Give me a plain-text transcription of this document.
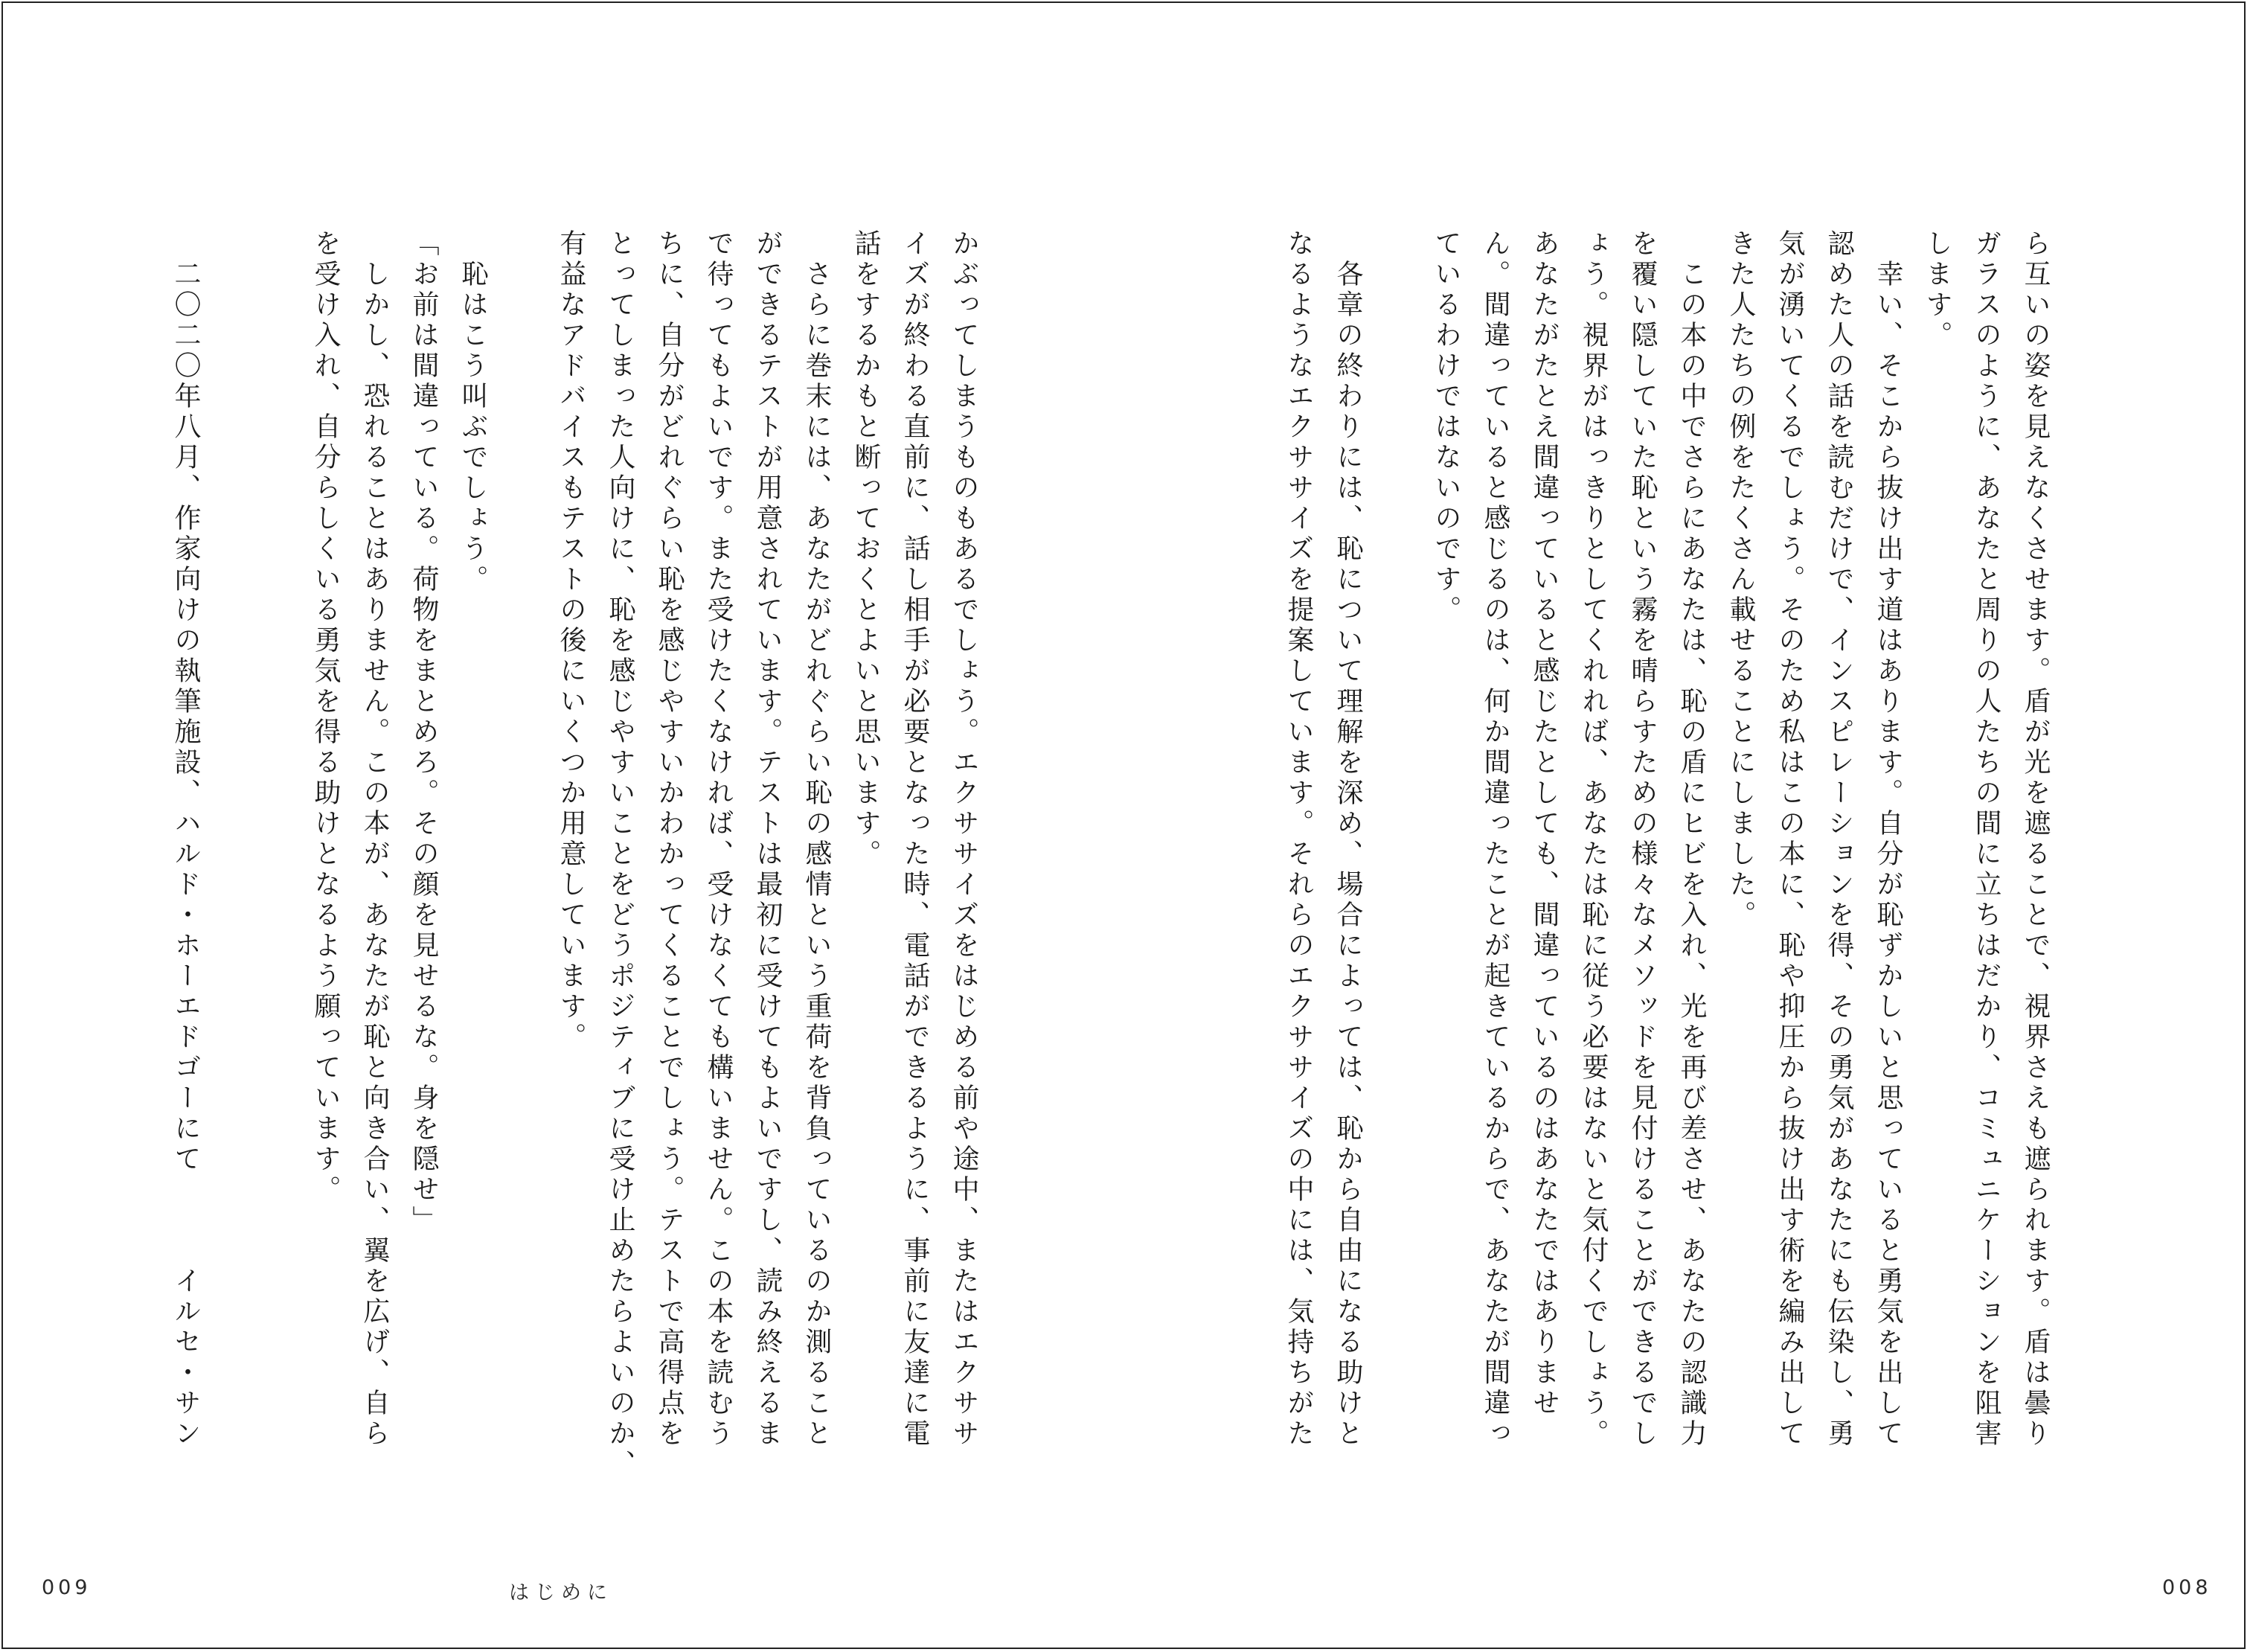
ら互いの姿を見えなくさせます。盾が光を遮ることで、視界さえも遮られます。盾は曇り

ガラスのように、あなたと周りの人たちの間に立ちはだかり、コミュニケーションを阻害

します。

　幸い、そこから抜け出す道はあります。自分が恥ずかしいと思っていると勇気を出して

認めた人の話を読むだけで、インスピレーションを得、その勇気があなたにも伝染し、勇

気が湧いてくるでしょう。そのため私はこの本に、恥や抑圧から抜け出す術を編み出して

きた人たちの例をたくさん載せることにしました。

　この本の中でさらにあなたは、恥の盾にヒビを入れ、光を再び差させ、あなたの認識力

を覆い隠していた恥という霧を晴らすための様々なメソッドを見付けることができるでし

ょう。視界がはっきりとしてくれれば、あなたは恥に従う必要はないと気付くでしょう。

あなたがたとえ間違っていると感じたとしても、間違っているのはあなたではありませ

ん。間違っていると感じるのは、何か間違ったことが起きているからで、あなたが間違っ

ているわけではないのです。

　各章の終わりには、恥について理解を深め、場合によっては、恥から自由になる助けと

なるようなエクササイズを提案しています。それらのエクササイズの中には、気持ちがた

008

かぶってしまうものもあるでしょう。エクササイズをはじめる前や途中、またはエクササ

イズが終わる直前に、話し相手が必要となった時、電話ができるように、事前に友達に電

話をするかもと断っておくとよいと思います。

　さらに巻末には、あなたがどれぐらい恥の感情という重荷を背負っているのか測ること

ができるテストが用意されています。テストは最初に受けてもよいですし、読み終えるま

で待ってもよいです。また受けたくなければ、受けなくても構いません。この本を読むう

ちに、自分がどれぐらい恥を感じやすいかわかってくることでしょう。テストで高得点を

とってしまった人向けに、恥を感じやすいことをどうポジティブに受け止めたらよいのか、

有益なアドバイスもテストの後にいくつか用意しています。

　恥はこう叫ぶでしょう。

「お前は間違っている。荷物をまとめろ。その顔を見せるな。身を隠せ」

　しかし、恐れることはありません。この本が、あなたが恥と向き合い、翼を広げ、自ら

を受け入れ、自分らしくいる勇気を得る助けとなるよう願っています。

　二〇二〇年八月、作家向けの執筆施設、ハルド・ホーエドゴーにて　　　イルセ・サン

009	はじめに
